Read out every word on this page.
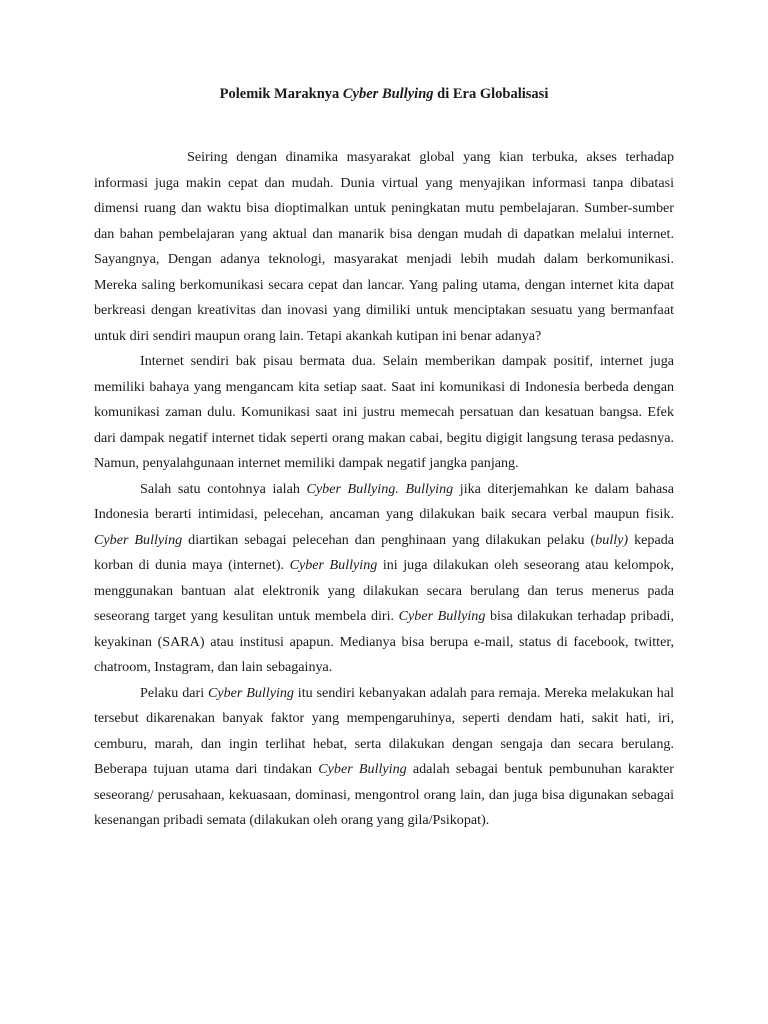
Polemik Maraknya Cyber Bullying di Era Globalisasi

Seiring dengan dinamika masyarakat global yang kian terbuka, akses terhadap informasi juga makin cepat dan mudah. Dunia virtual yang menyajikan informasi tanpa dibatasi dimensi ruang dan waktu bisa dioptimalkan untuk peningkatan mutu pembelajaran. Sumber-sumber dan bahan pembelajaran yang aktual dan manarik bisa dengan mudah di dapatkan melalui internet. Sayangnya, Dengan adanya teknologi, masyarakat menjadi lebih mudah dalam berkomunikasi. Mereka saling berkomunikasi secara cepat dan lancar. Yang paling utama, dengan internet kita dapat berkreasi dengan kreativitas dan inovasi yang dimiliki untuk menciptakan sesuatu yang bermanfaat untuk diri sendiri maupun orang lain. Tetapi akankah kutipan ini benar adanya?

Internet sendiri bak pisau bermata dua. Selain memberikan dampak positif, internet juga memiliki bahaya yang mengancam kita setiap saat. Saat ini komunikasi di Indonesia berbeda dengan komunikasi zaman dulu. Komunikasi saat ini justru memecah persatuan dan kesatuan bangsa. Efek dari dampak negatif internet tidak seperti orang makan cabai, begitu digigit langsung terasa pedasnya. Namun, penyalahgunaan internet memiliki dampak negatif jangka panjang.

Salah satu contohnya ialah Cyber Bullying. Bullying jika diterjemahkan ke dalam bahasa Indonesia berarti intimidasi, pelecehan, ancaman yang dilakukan baik secara verbal maupun fisik. Cyber Bullying diartikan sebagai pelecehan dan penghinaan yang dilakukan pelaku (bully) kepada korban di dunia maya (internet). Cyber Bullying ini juga dilakukan oleh seseorang atau kelompok, menggunakan bantuan alat elektronik yang dilakukan secara berulang dan terus menerus pada seseorang target yang kesulitan untuk membela diri. Cyber Bullying bisa dilakukan terhadap pribadi, keyakinan (SARA) atau institusi apapun. Medianya bisa berupa e-mail, status di facebook, twitter, chatroom, Instagram, dan lain sebagainya.

Pelaku dari Cyber Bullying itu sendiri kebanyakan adalah para remaja. Mereka melakukan hal tersebut dikarenakan banyak faktor yang mempengaruhinya, seperti dendam hati, sakit hati, iri, cemburu, marah, dan ingin terlihat hebat, serta dilakukan dengan sengaja dan secara berulang. Beberapa tujuan utama dari tindakan Cyber Bullying adalah sebagai bentuk pembunuhan karakter seseorang/ perusahaan, kekuasaan, dominasi, mengontrol orang lain, dan juga bisa digunakan sebagai kesenangan pribadi semata (dilakukan oleh orang yang gila/Psikopat).
